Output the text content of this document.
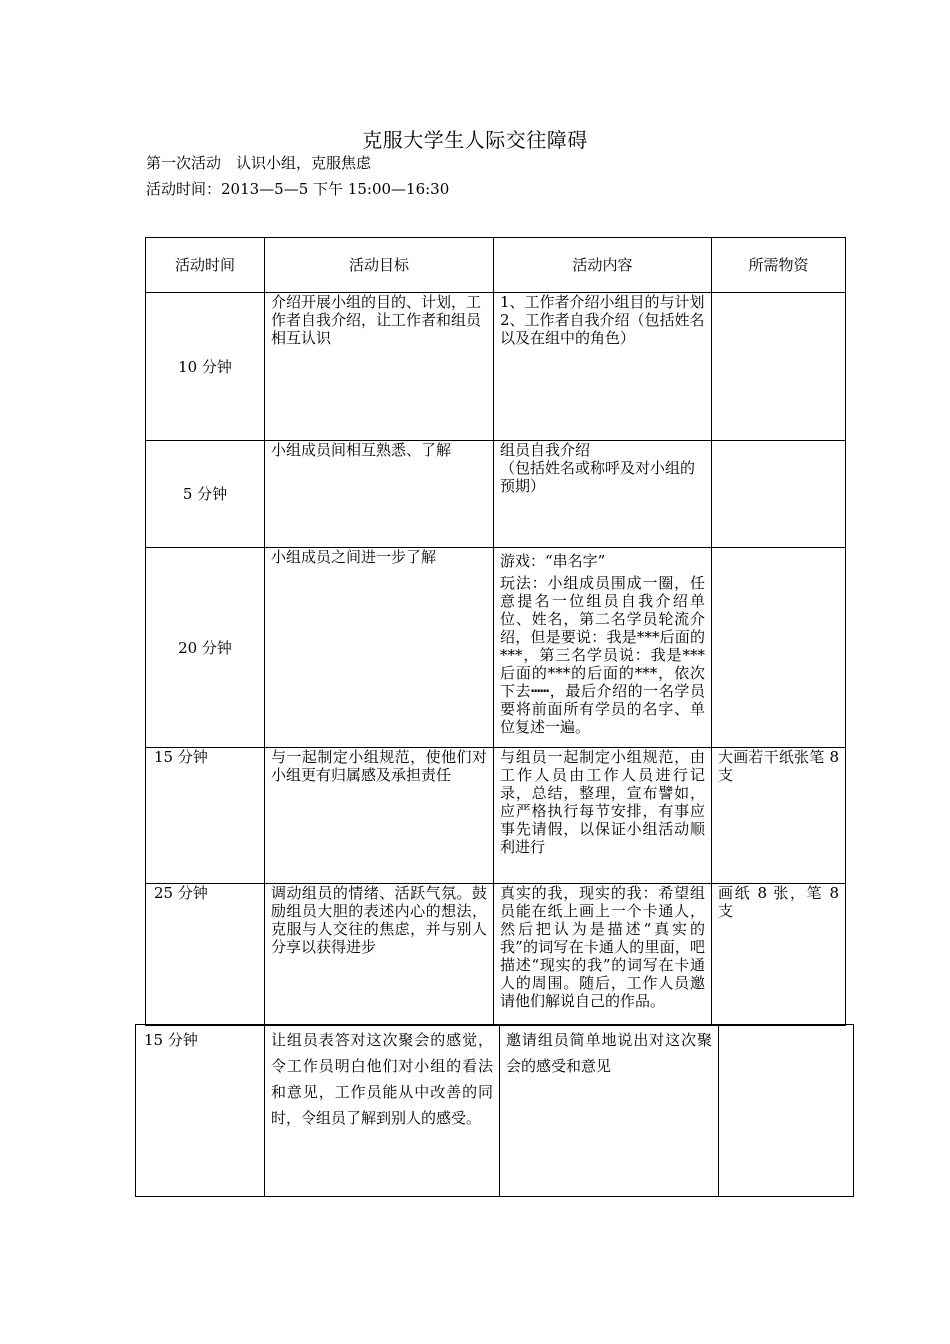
克服大学生人际交往障碍
第一次活动　认识小组，克服焦虑
活动时间：2013—5—5 下午 15:00—16:30
活动时间	活动目标	活动内容	所需物资
10 分钟	介绍开展小组的目的、计划，工作者自我介绍，让工作者和组员相互认识	1、工作者介绍小组目的与计划
2、工作者自我介绍（包括姓名以及在组中的角色）	

5 分钟	小组成员间相互熟悉、了解	组员自我介绍
（包括姓名或称呼及对小组的预期）	

20 分钟	小组成员之间进一步了解	游戏：“串名字”
玩法：小组成员围成一圈，任意提名一位组员自我介绍单位、姓名，第二名学员轮流介绍，但是要说：我是***后面的***，第三名学员说：我是***后面的***的后面的***，依次下去┅┅，最后介绍的一名学员要将前面所有学员的名字、单位复述一遍。	

15 分钟	与一起制定小组规范，使他们对小组更有归属感及承担责任	与组员一起制定小组规范，由工作人员由工作人员进行记录，总结，整理，宣布譬如，应严格执行每节安排，有事应事先请假，以保证小组活动顺利进行	大画若干纸张笔 8 支
25 分钟	调动组员的情绪、活跃气氛。鼓励组员大胆的表述内心的想法，克服与人交往的焦虑，并与别人分享以获得进步	真实的我，现实的我：希望组员能在纸上画上一个卡通人，然后把认为是描述“真实的我”的词写在卡通人的里面，吧描述“现实的我”的词写在卡通人的周围。随后，工作人员邀请他们解说自己的作品。	画纸 8 张，笔 8 支
15 分钟	让组员表答对这次聚会的感觉，令工作员明白他们对小组的看法和意见，工作员能从中改善的同时，令组员了解到别人的感受。	邀请组员简单地说出对这次聚会的感受和意见	
